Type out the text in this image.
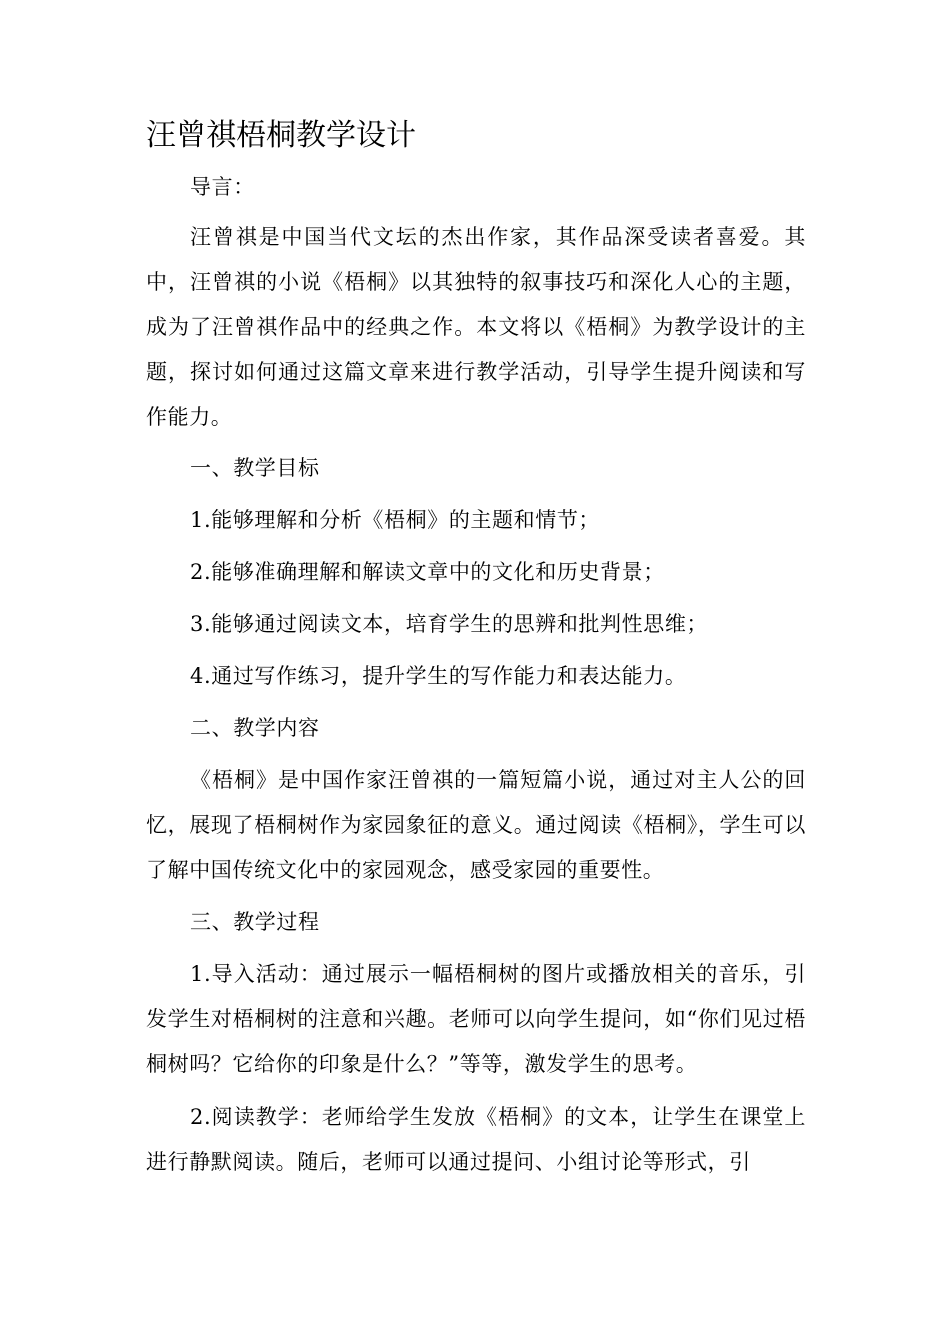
汪曾祺梧桐教学设计

导言：

汪曾祺是中国当代文坛的杰出作家，其作品深受读者喜爱。其中，汪曾祺的小说《梧桐》以其独特的叙事技巧和深化人心的主题，成为了汪曾祺作品中的经典之作。本文将以《梧桐》为教学设计的主题，探讨如何通过这篇文章来进行教学活动，引导学生提升阅读和写作能力。

一、教学目标

1.能够理解和分析《梧桐》的主题和情节；

2.能够准确理解和解读文章中的文化和历史背景；

3.能够通过阅读文本，培育学生的思辨和批判性思维；

4.通过写作练习，提升学生的写作能力和表达能力。

二、教学内容

《梧桐》是中国作家汪曾祺的一篇短篇小说，通过对主人公的回忆，展现了梧桐树作为家园象征的意义。通过阅读《梧桐》，学生可以了解中国传统文化中的家园观念，感受家园的重要性。

三、教学过程

1.导入活动：通过展示一幅梧桐树的图片或播放相关的音乐，引发学生对梧桐树的注意和兴趣。老师可以向学生提问，如“你们见过梧桐树吗？它给你的印象是什么？”等等，激发学生的思考。

2.阅读教学：老师给学生发放《梧桐》的文本，让学生在课堂上进行静默阅读。随后，老师可以通过提问、小组讨论等形式，引
